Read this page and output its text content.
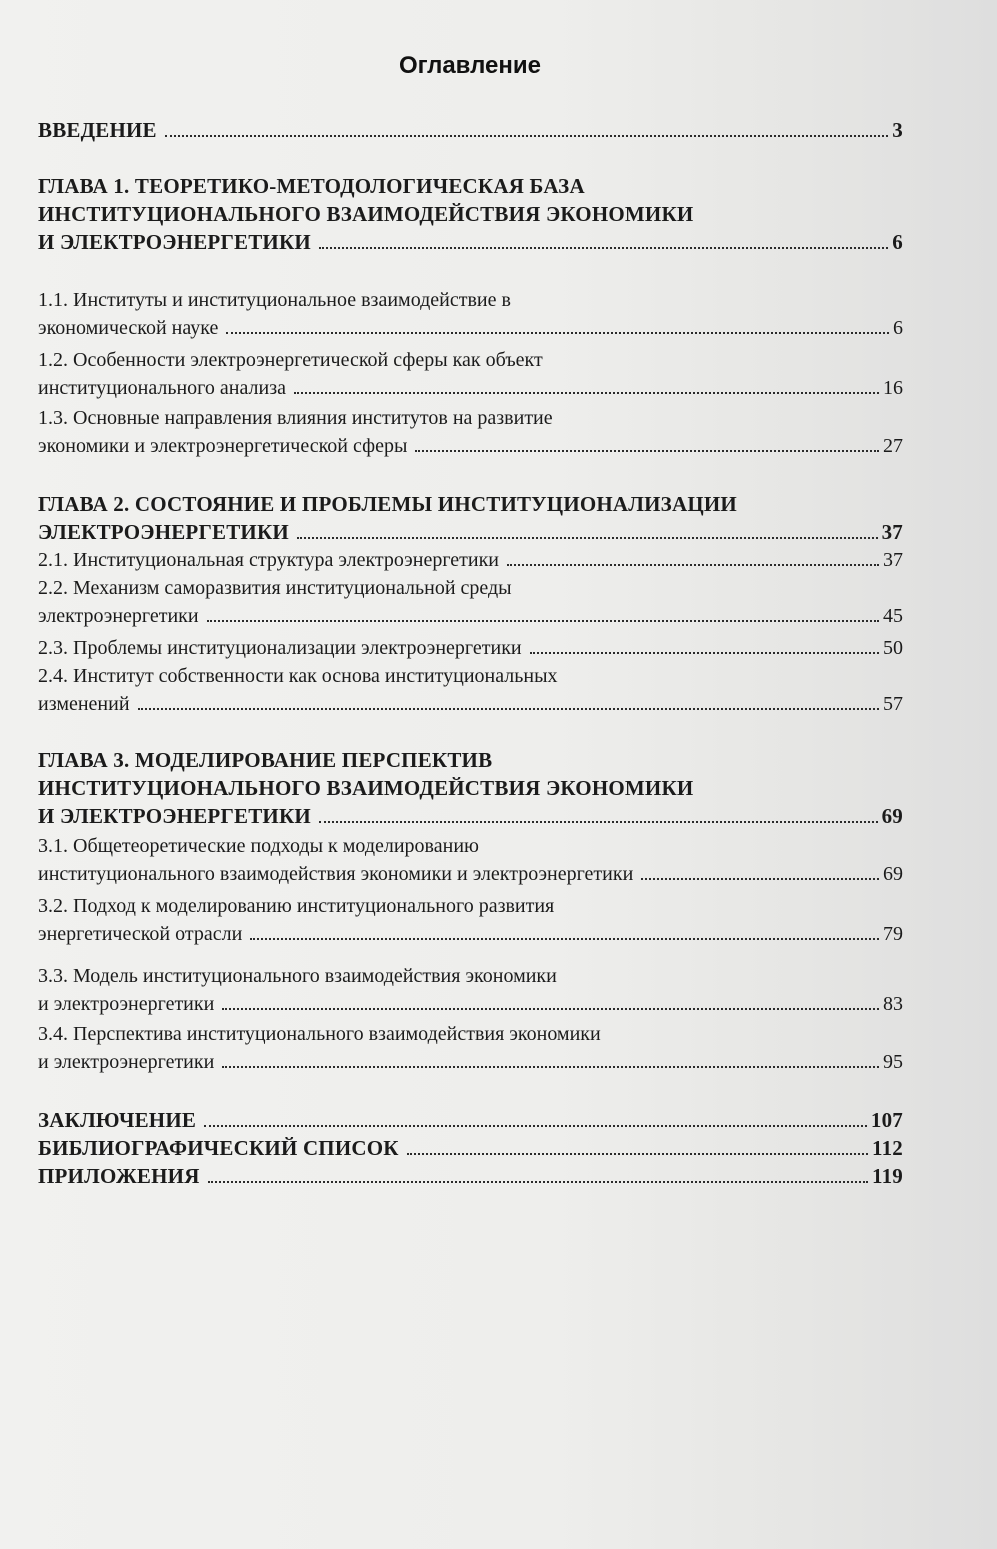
Оглавление
ВВЕДЕНИЕ	3
ГЛАВА 1. ТЕОРЕТИКО-МЕТОДОЛОГИЧЕСКАЯ БАЗА
ИНСТИТУЦИОНАЛЬНОГО ВЗАИМОДЕЙСТВИЯ ЭКОНОМИКИ
И ЭЛЕКТРОЭНЕРГЕТИКИ	6
1.1. Институты и институциональное взаимодействие в
экономической науке	6
1.2. Особенности электроэнергетической сферы как объект
институционального анализа	16
1.3. Основные направления влияния институтов на развитие
экономики и электроэнергетической сферы	27
ГЛАВА 2. СОСТОЯНИЕ И ПРОБЛЕМЫ ИНСТИТУЦИОНАЛИЗАЦИИ
ЭЛЕКТРОЭНЕРГЕТИКИ	37
2.1. Институциональная структура электроэнергетики	37
2.2. Механизм саморазвития институциональной среды
электроэнергетики	45
2.3. Проблемы институционализации электроэнергетики	50
2.4. Институт собственности как основа институциональных
изменений	57
ГЛАВА 3. МОДЕЛИРОВАНИЕ ПЕРСПЕКТИВ
ИНСТИТУЦИОНАЛЬНОГО ВЗАИМОДЕЙСТВИЯ ЭКОНОМИКИ
И ЭЛЕКТРОЭНЕРГЕТИКИ	69
3.1. Общетеоретические подходы к моделированию
институционального взаимодействия экономики и электроэнергетики	69
3.2. Подход к моделированию институционального развития
энергетической отрасли	79
3.3. Модель институционального взаимодействия экономики
и электроэнергетики	83
3.4. Перспектива институционального взаимодействия экономики
и электроэнергетики	95
ЗАКЛЮЧЕНИЕ	107
БИБЛИОГРАФИЧЕСКИЙ СПИСОК	112
ПРИЛОЖЕНИЯ	119
